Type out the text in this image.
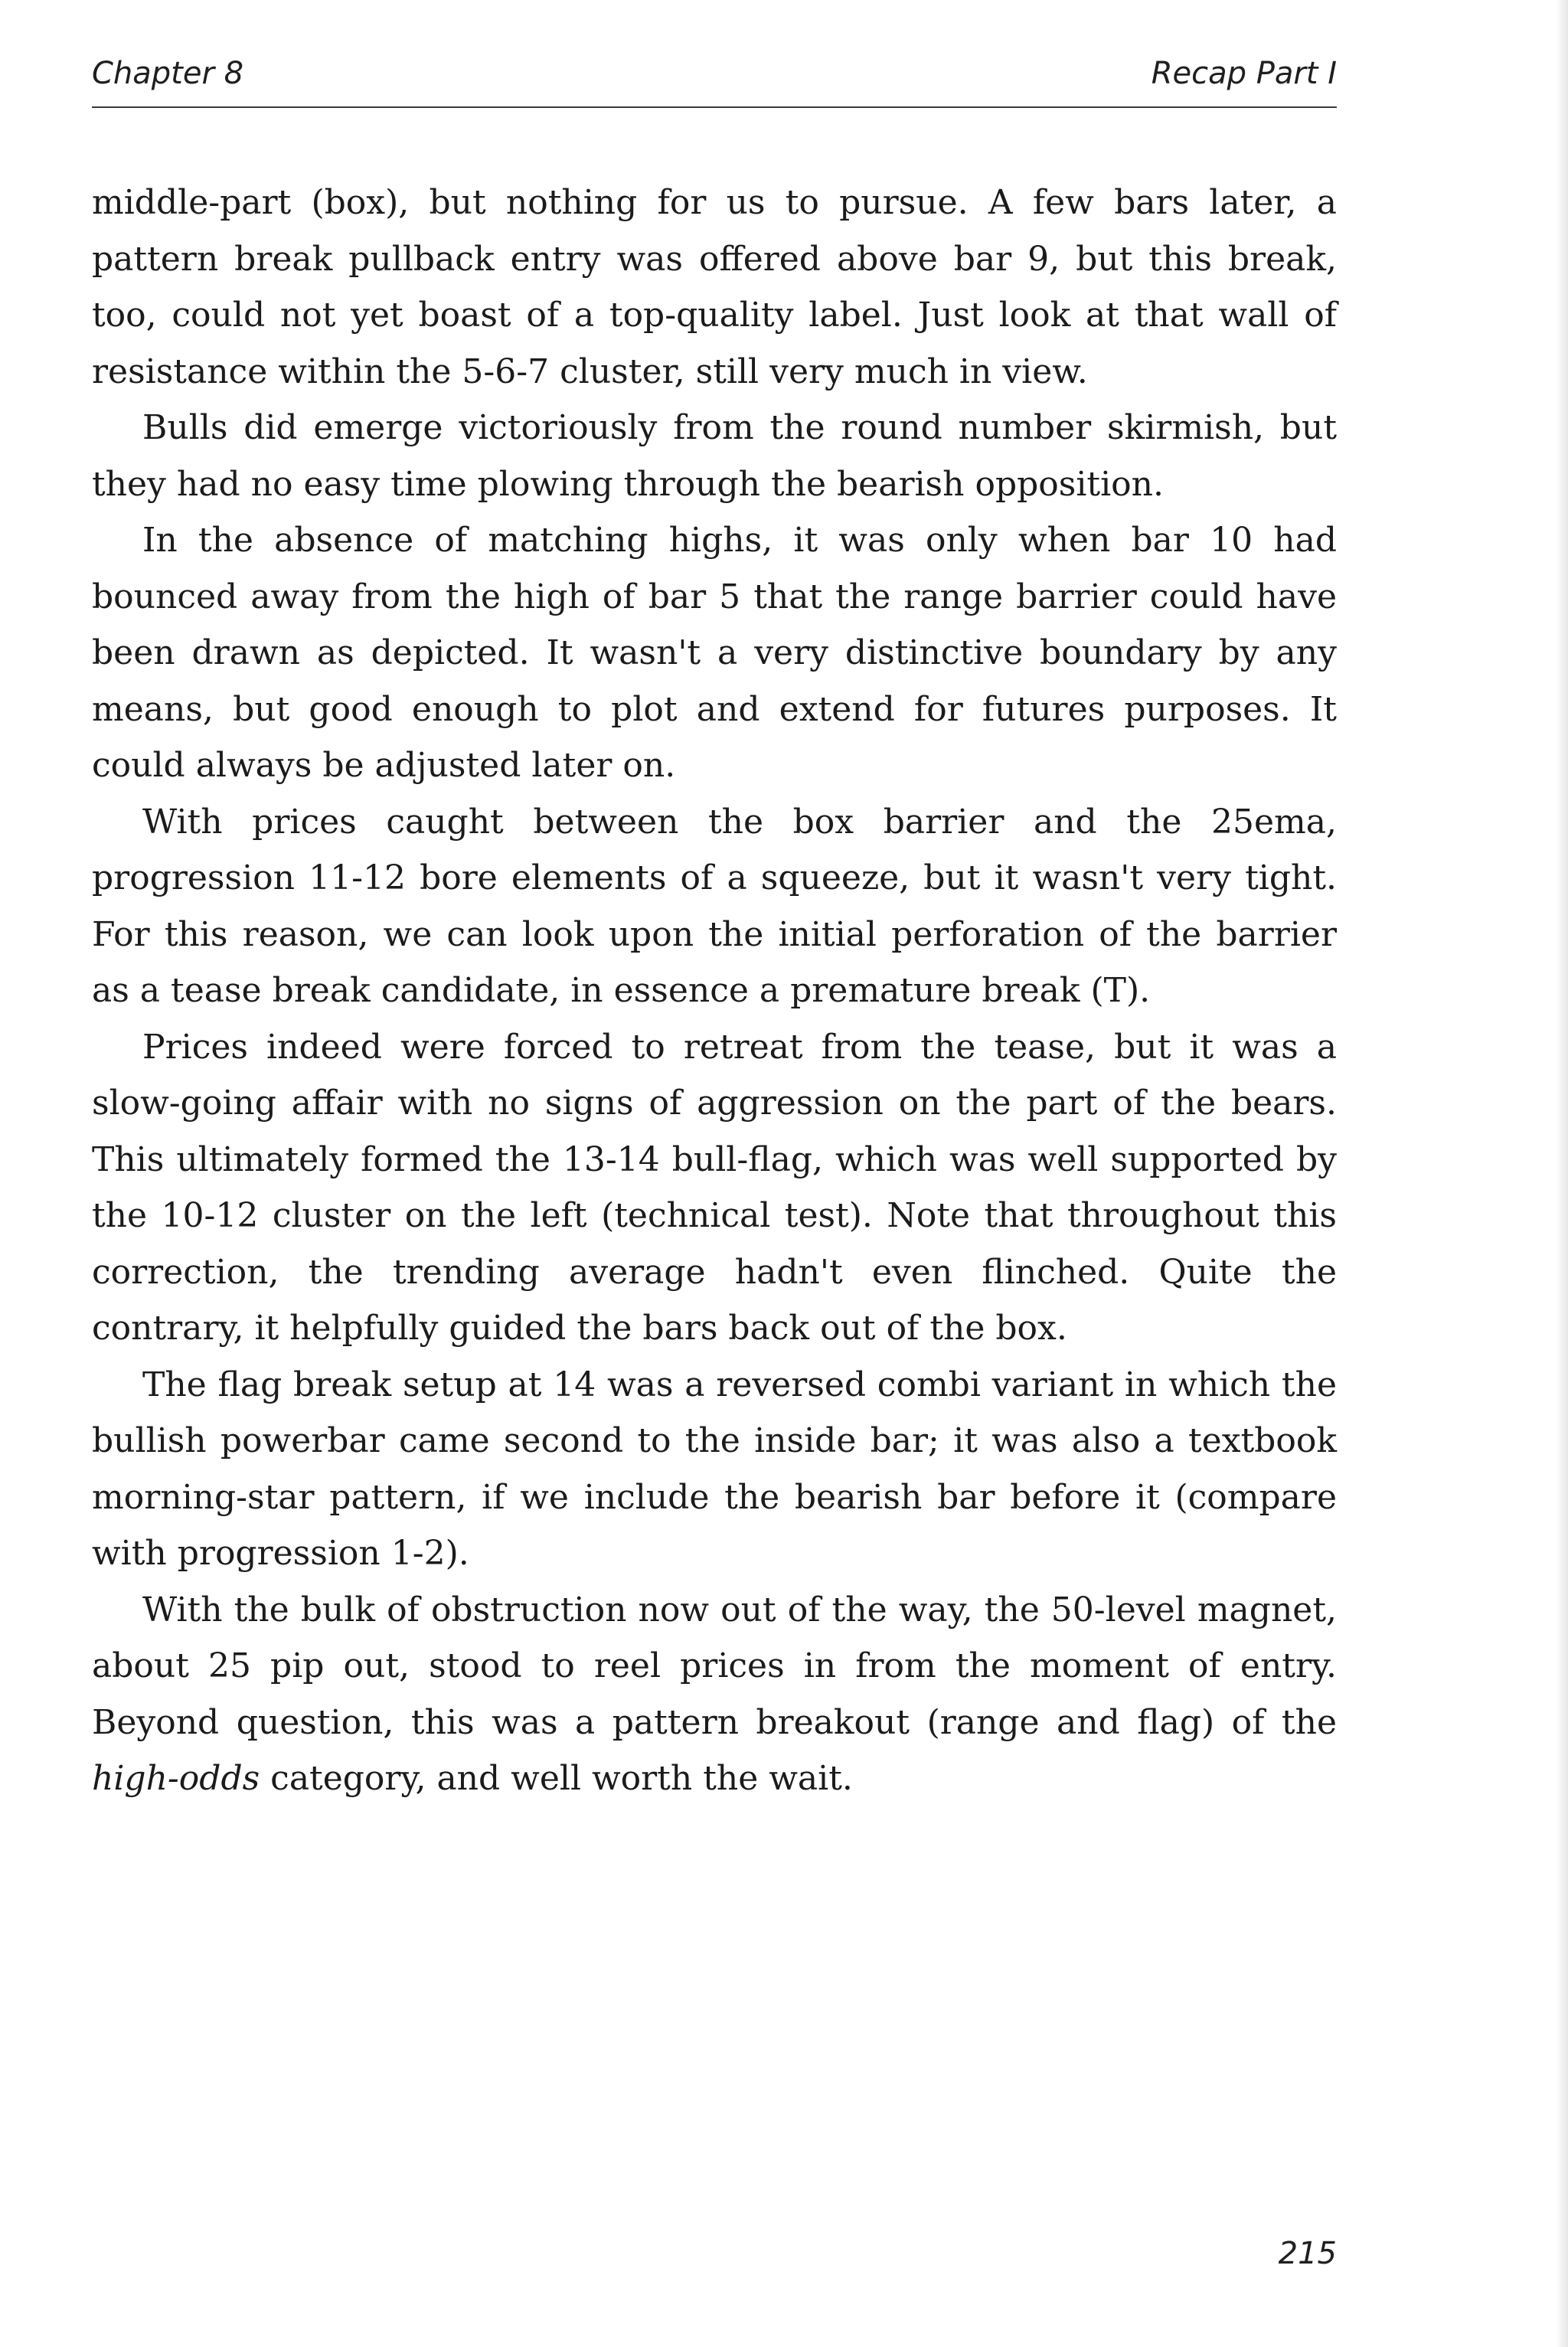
Chapter 8	Recap Part I

middle-part (box), but nothing for us to pursue. A few bars later, a pattern break pullback entry was offered above bar 9, but this break, too, could not yet boast of a top-quality label. Just look at that wall of resistance within the 5-6-7 cluster, still very much in view.

Bulls did emerge victoriously from the round number skirmish, but they had no easy time plowing through the bearish opposition.

In the absence of matching highs, it was only when bar 10 had bounced away from the high of bar 5 that the range barrier could have been drawn as depicted. It wasn't a very distinctive boundary by any means, but good enough to plot and extend for futures purposes. It could always be adjusted later on.

With prices caught between the box barrier and the 25ema, progression 11-12 bore elements of a squeeze, but it wasn't very tight. For this reason, we can look upon the initial perforation of the barrier as a tease break candidate, in essence a premature break (T).

Prices indeed were forced to retreat from the tease, but it was a slow-going affair with no signs of aggression on the part of the bears. This ultimately formed the 13-14 bull-flag, which was well supported by the 10-12 cluster on the left (technical test). Note that throughout this correction, the trending average hadn't even flinched. Quite the contrary, it helpfully guided the bars back out of the box.

The flag break setup at 14 was a reversed combi variant in which the bullish powerbar came second to the inside bar; it was also a textbook morning-star pattern, if we include the bearish bar before it (compare with progression 1-2).

With the bulk of obstruction now out of the way, the 50-level magnet, about 25 pip out, stood to reel prices in from the moment of entry. Beyond question, this was a pattern breakout (range and flag) of the high-odds category, and well worth the wait.

215
